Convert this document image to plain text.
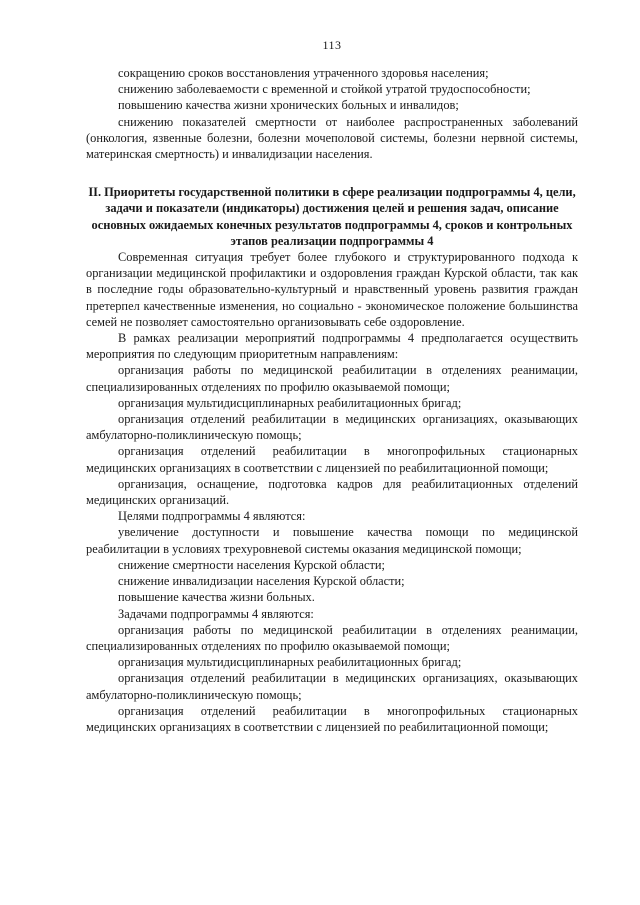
113

сокращению сроков восстановления утраченного здоровья населения;

снижению заболеваемости с временной и стойкой утратой трудоспособности;

повышению качества жизни хронических больных и инвалидов;

снижению показателей смертности от наиболее распространенных заболеваний (онкология, язвенные болезни, болезни мочеполовой системы, болезни нервной системы, материнская смертность) и инвалидизации населения.

II. Приоритеты государственной политики в сфере реализации подпрограммы 4, цели, задачи и показатели (индикаторы) достижения целей и решения задач, описание основных ожидаемых конечных результатов подпрограммы 4, сроков и контрольных этапов реализации подпрограммы 4

Современная ситуация требует более глубокого и структурированного подхода к организации медицинской профилактики и оздоровления граждан Курской области, так как в последние годы образовательно-культурный и нравственный уровень развития граждан претерпел качественные изменения, но социально - экономическое положение большинства семей не позволяет самостоятельно организовывать себе оздоровление.

В рамках реализации мероприятий подпрограммы 4 предполагается осуществить мероприятия по следующим приоритетным направлениям:

организация работы по медицинской реабилитации в отделениях реанимации, специализированных отделениях по профилю оказываемой помощи;

организация мультидисциплинарных реабилитационных бригад;

организация отделений реабилитации в медицинских организациях, оказывающих амбулаторно-поликлиническую помощь;

организация отделений реабилитации в многопрофильных стационарных медицинских организациях в соответствии с лицензией по реабилитационной помощи;

организация, оснащение, подготовка кадров для реабилитационных отделений медицинских организаций.

Целями подпрограммы 4 являются:

увеличение доступности и повышение качества помощи по медицинской реабилитации в условиях трехуровневой системы оказания медицинской помощи;

снижение смертности населения Курской области;

снижение инвалидизации населения Курской области;

повышение качества жизни больных.

Задачами подпрограммы 4 являются:

организация работы по медицинской реабилитации в отделениях реанимации, специализированных отделениях по профилю оказываемой помощи;

организация мультидисциплинарных реабилитационных бригад;

организация отделений реабилитации в медицинских организациях, оказывающих амбулаторно-поликлиническую помощь;

организация отделений реабилитации в многопрофильных стационарных медицинских организациях в соответствии с лицензией по реабилитационной помощи;
